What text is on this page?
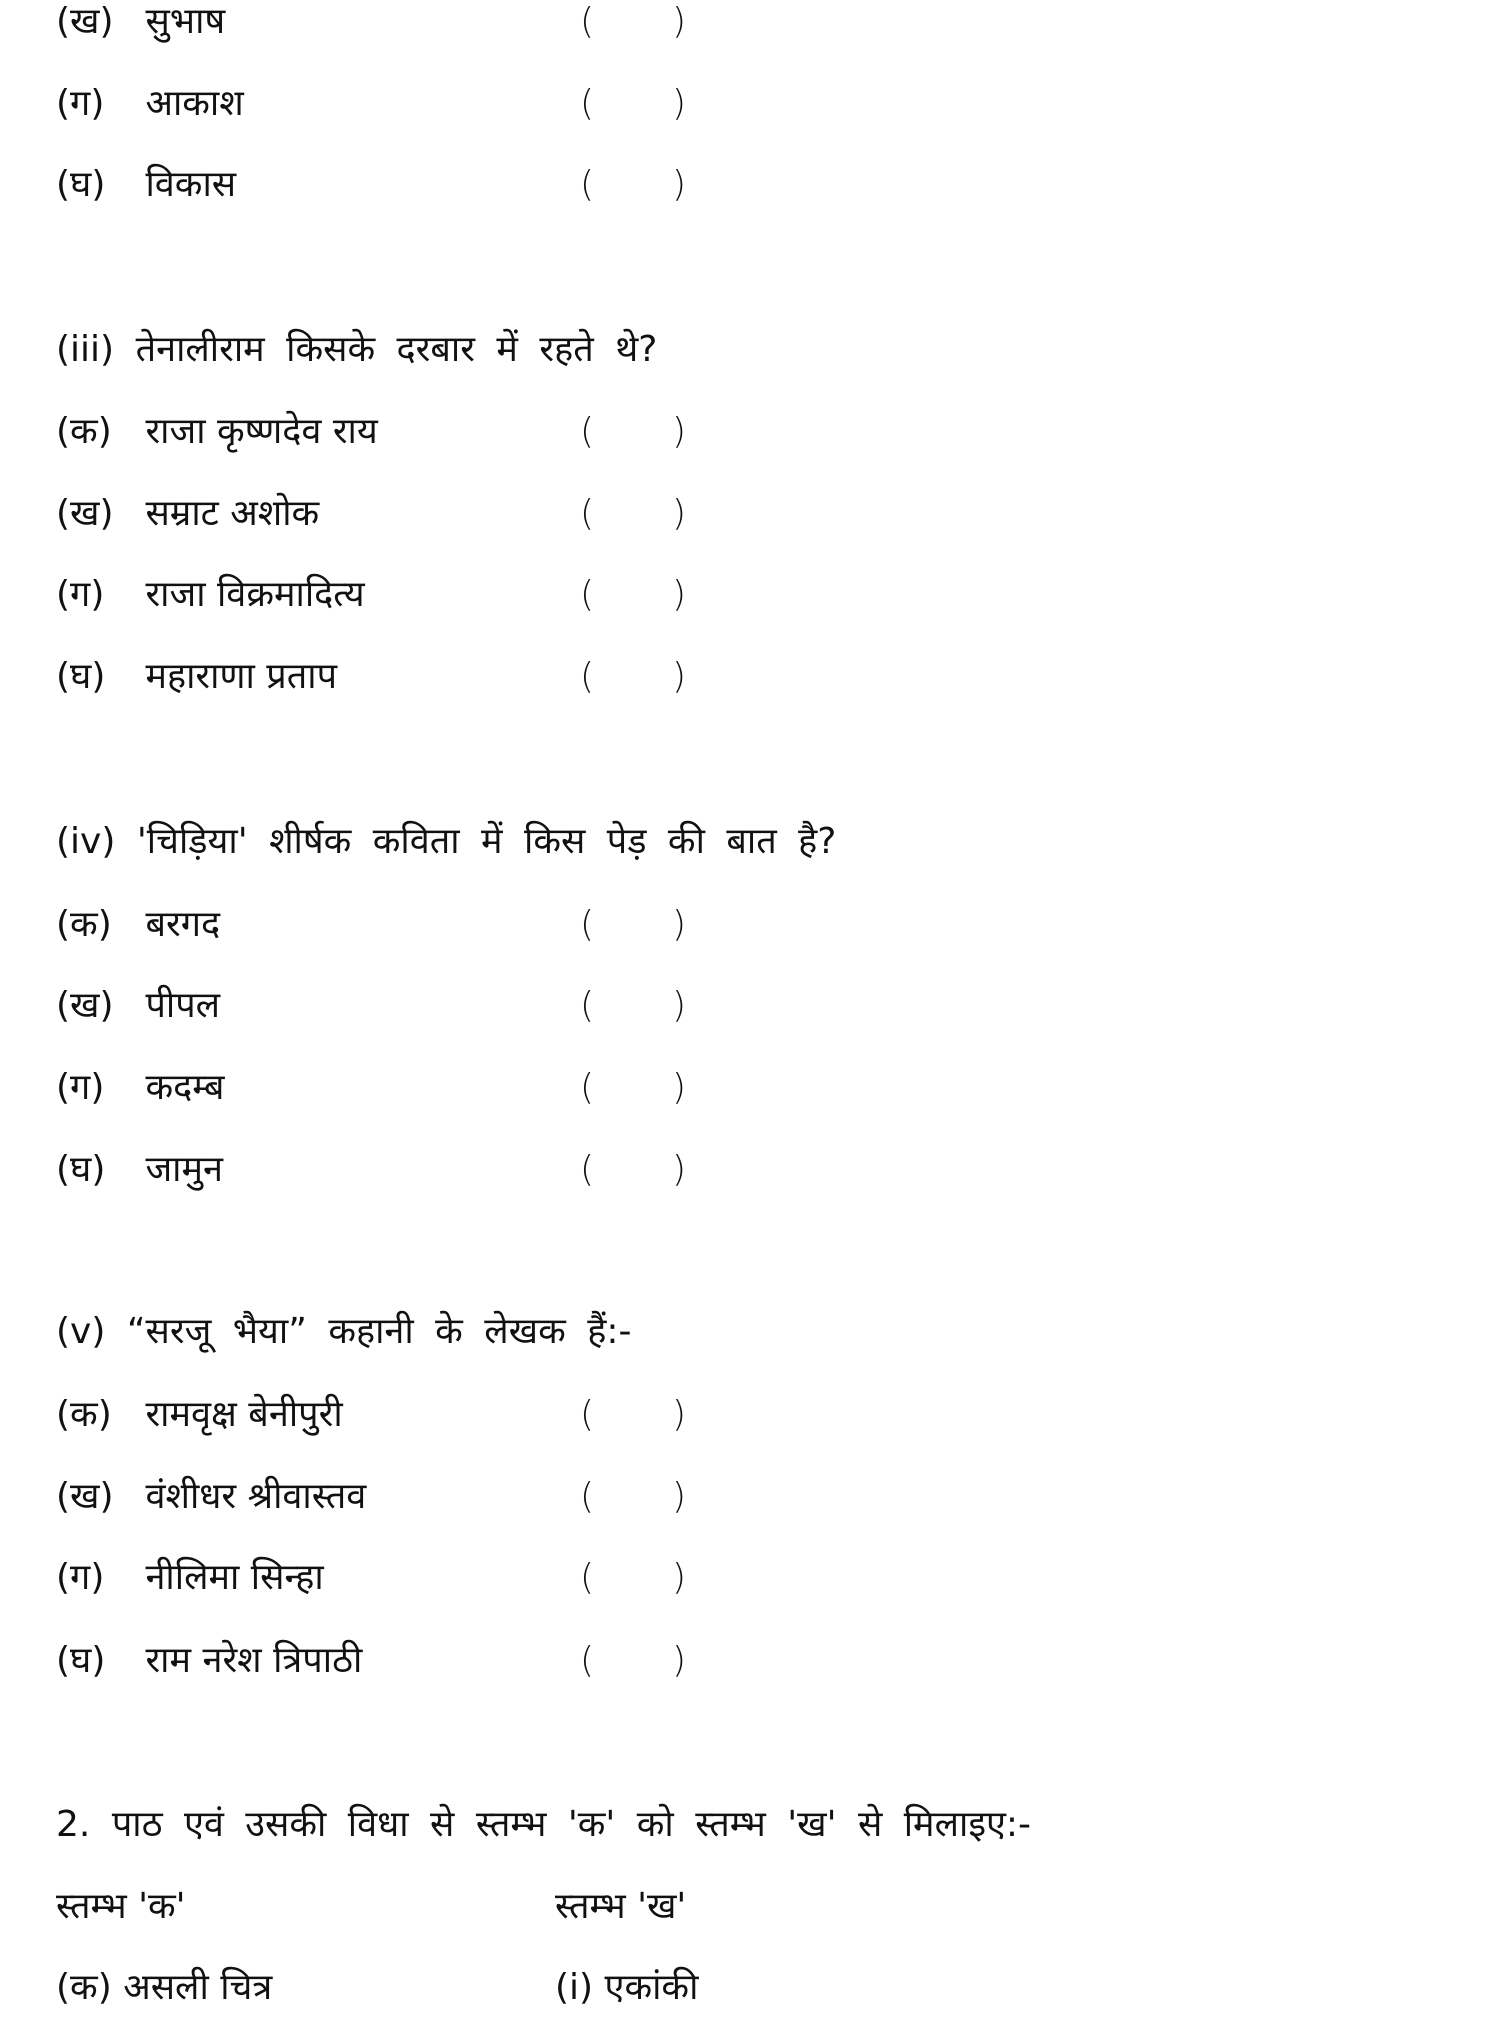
(ख) सुभाष	( )
(ग) आकाश	( )
(घ) विकास	( )
(iii) तेनालीराम किसके दरबार में रहते थे?
(क) राजा कृष्णदेव राय	( )
(ख) सम्राट अशोक	( )
(ग) राजा विक्रमादित्य	( )
(घ) महाराणा प्रताप	( )
(iv) 'चिड़िया' शीर्षक कविता में किस पेड़ की बात है?
(क) बरगद	( )
(ख) पीपल	( )
(ग) कदम्ब	( )
(घ) जामुन	( )
(v) “सरजू भैया” कहानी के लेखक हैं:-
(क) रामवृक्ष बेनीपुरी	( )
(ख) वंशीधर श्रीवास्तव	( )
(ग) नीलिमा सिन्हा	( )
(घ) राम नरेश त्रिपाठी	( )
2. पाठ एवं उसकी विधा से स्तम्भ 'क' को स्तम्भ 'ख' से मिलाइए:-
स्तम्भ 'क'	स्तम्भ 'ख'
(क) असली चित्र	(i) एकांकी
